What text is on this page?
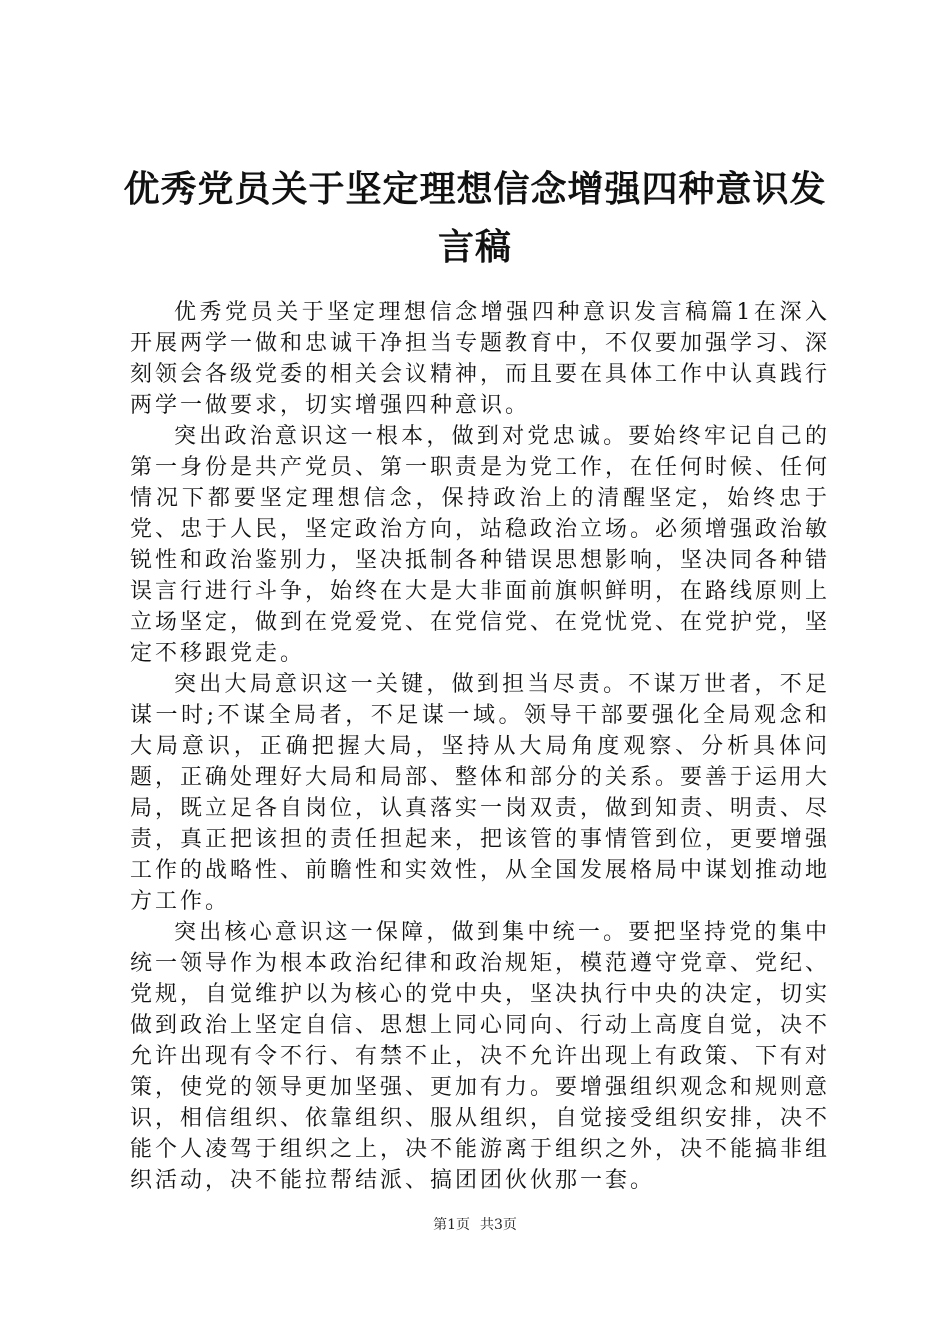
优秀党员关于坚定理想信念增强四种意识发言稿

优秀党员关于坚定理想信念增强四种意识发言稿篇1在深入开展两学一做和忠诚干净担当专题教育中，不仅要加强学习、深刻领会各级党委的相关会议精神，而且要在具体工作中认真践行两学一做要求，切实增强四种意识。

突出政治意识这一根本，做到对党忠诚。要始终牢记自己的第一身份是共产党员、第一职责是为党工作，在任何时候、任何情况下都要坚定理想信念，保持政治上的清醒坚定，始终忠于党、忠于人民，坚定政治方向，站稳政治立场。必须增强政治敏锐性和政治鉴别力，坚决抵制各种错误思想影响，坚决同各种错误言行进行斗争，始终在大是大非面前旗帜鲜明，在路线原则上立场坚定，做到在党爱党、在党信党、在党忧党、在党护党，坚定不移跟党走。

突出大局意识这一关键，做到担当尽责。不谋万世者，不足谋一时;不谋全局者，不足谋一域。领导干部要强化全局观念和大局意识，正确把握大局，坚持从大局角度观察、分析具体问题，正确处理好大局和局部、整体和部分的关系。要善于运用大局，既立足各自岗位，认真落实一岗双责，做到知责、明责、尽责，真正把该担的责任担起来，把该管的事情管到位，更要增强工作的战略性、前瞻性和实效性，从全国发展格局中谋划推动地方工作。

突出核心意识这一保障，做到集中统一。要把坚持党的集中统一领导作为根本政治纪律和政治规矩，模范遵守党章、党纪、党规，自觉维护以为核心的党中央，坚决执行中央的决定，切实做到政治上坚定自信、思想上同心同向、行动上高度自觉，决不允许出现有令不行、有禁不止，决不允许出现上有政策、下有对策，使党的领导更加坚强、更加有力。要增强组织观念和规则意识，相信组织、依靠组织、服从组织，自觉接受组织安排，决不能个人凌驾于组织之上，决不能游离于组织之外，决不能搞非组织活动，决不能拉帮结派、搞团团伙伙那一套。

第1页 共3页
